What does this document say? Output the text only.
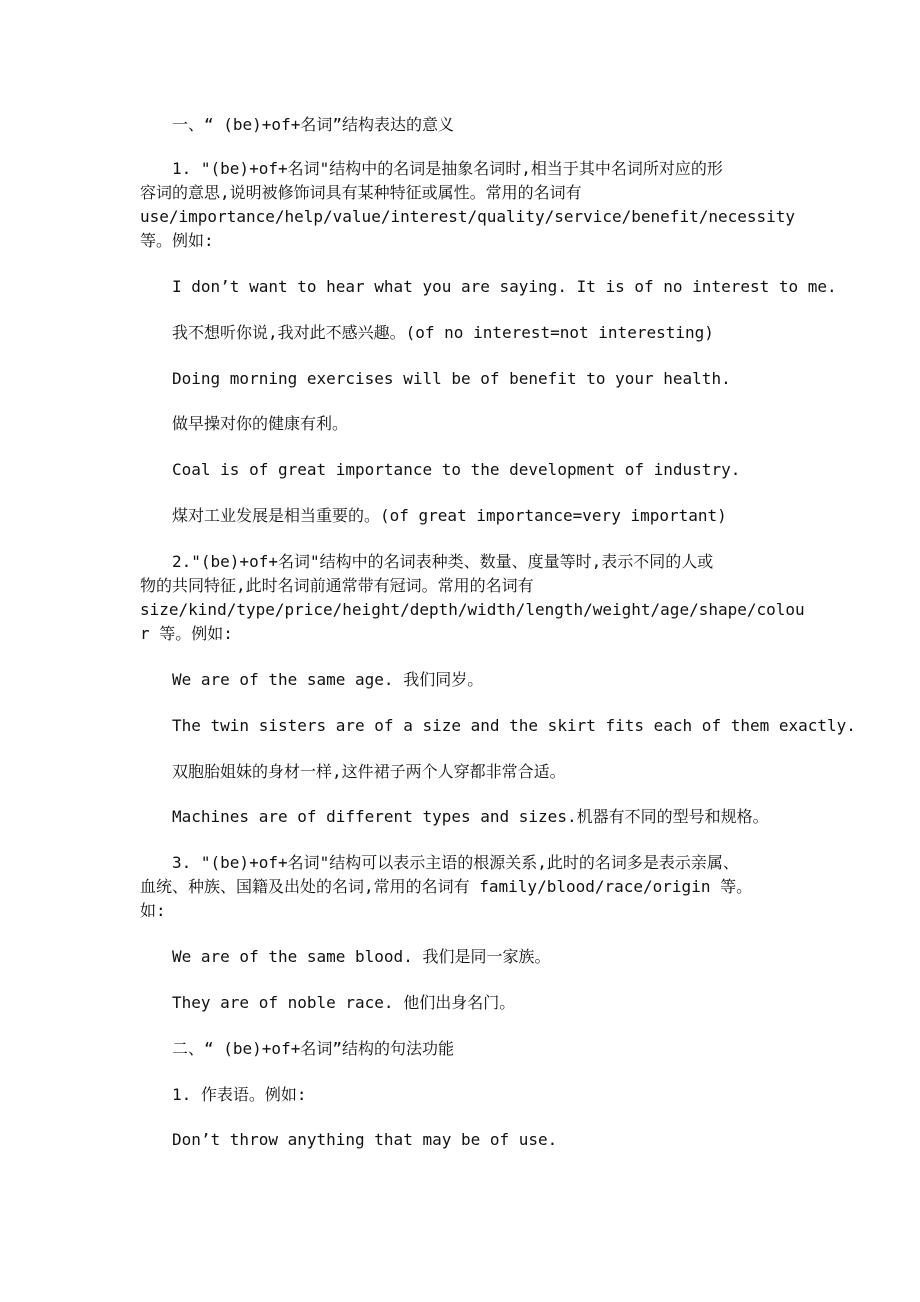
一、“ (be)+of+名词”结构表达的意义
1. "(be)+of+名词"结构中的名词是抽象名词时,相当于其中名词所对应的形
容词的意思,说明被修饰词具有某种特征或属性。常用的名词有
use/importance/help/value/interest/quality/service/benefit/necessity
等。例如:
I don’t want to hear what you are saying. It is of no interest to me.
我不想听你说,我对此不感兴趣。(of no interest=not interesting)
Doing morning exercises will be of benefit to your health.
做早操对你的健康有利。
Coal is of great importance to the development of industry.
煤对工业发展是相当重要的。(of great importance=very important)
2."(be)+of+名词"结构中的名词表种类、数量、度量等时,表示不同的人或
物的共同特征,此时名词前通常带有冠词。常用的名词有
size/kind/type/price/height/depth/width/length/weight/age/shape/colou
r 等。例如:
We are of the same age. 我们同岁。
The twin sisters are of a size and the skirt fits each of them exactly.
双胞胎姐妹的身材一样,这件裙子两个人穿都非常合适。
Machines are of different types and sizes.机器有不同的型号和规格。
3. "(be)+of+名词"结构可以表示主语的根源关系,此时的名词多是表示亲属、
血统、种族、国籍及出处的名词,常用的名词有 family/blood/race/origin 等。
如:
We are of the same blood. 我们是同一家族。
They are of noble race. 他们出身名门。
二、“ (be)+of+名词”结构的句法功能
1. 作表语。例如:
Don’t throw anything that may be of use.
